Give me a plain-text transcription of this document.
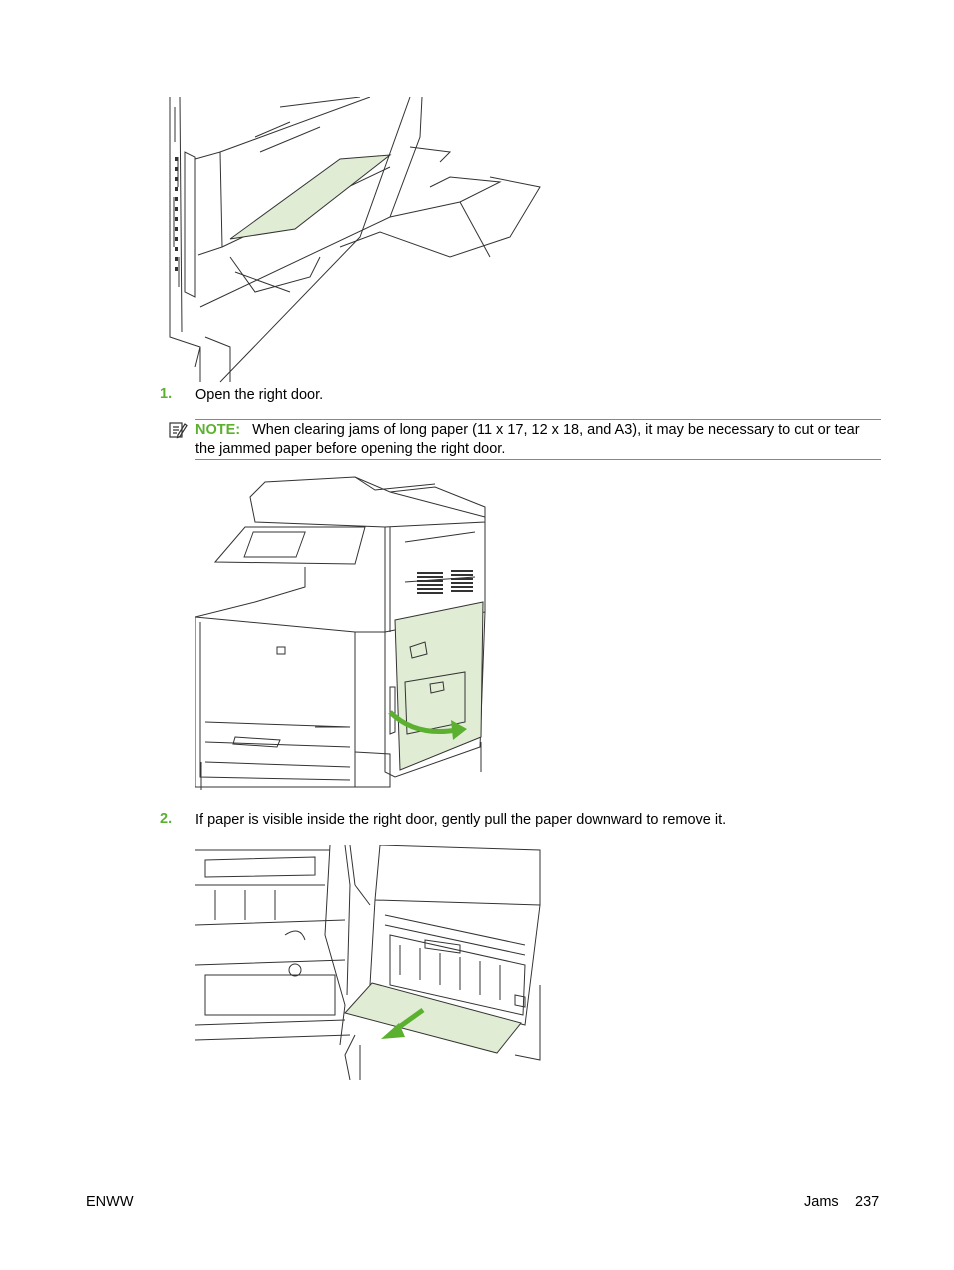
1. Open the right door.
NOTE: When clearing jams of long paper (11 x 17, 12 x 18, and A3), it may be necessary to cut or tear the jammed paper before opening the right door.
2. If paper is visible inside the right door, gently pull the paper downward to remove it.
ENWW	Jams 237
